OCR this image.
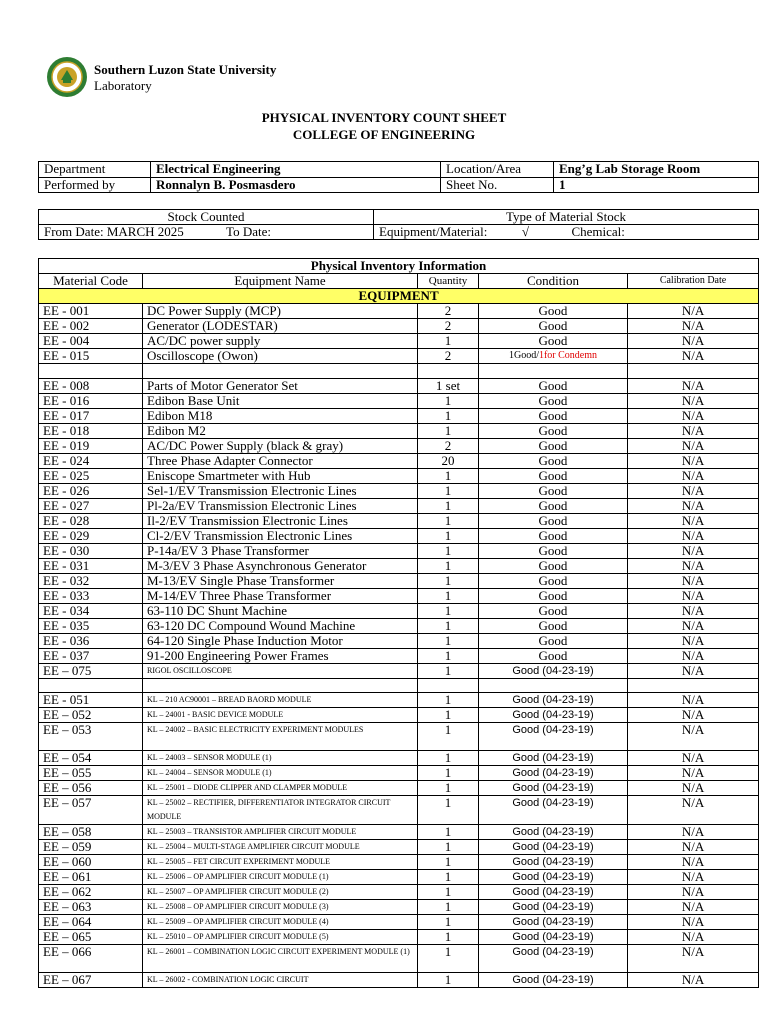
Southern Luzon State University
Laboratory
PHYSICAL INVENTORY COUNT SHEET
COLLEGE OF ENGINEERING
Department	Electrical Engineering	Location/Area	Eng’g Lab Storage Room
Performed by	Ronnalyn B. Posmasdero	Sheet No.	1
Stock Counted	Type of Material Stock
From Date: MARCH 2025 To Date:	Equipment/Material: √ Chemical:
Physical Inventory Information				
Material Code	Equipment Name	Quantity	Condition	Calibration Date
EQUIPMENT				
EE - 001	DC Power Supply (MCP)	2	Good	N/A
EE - 002	Generator (LODESTAR)	2	Good	N/A
EE - 004	AC/DC power supply	1	Good	N/A
EE - 015	Oscilloscope (Owon)	2	1Good/1for Condemn	N/A

EE - 008	Parts of Motor Generator Set	1 set	Good	N/A
EE - 016	Edibon Base Unit	1	Good	N/A
EE - 017	Edibon M18	1	Good	N/A
EE - 018	Edibon M2	1	Good	N/A
EE - 019	AC/DC Power Supply (black & gray)	2	Good	N/A
EE - 024	Three Phase Adapter Connector	20	Good	N/A
EE - 025	Eniscope Smartmeter with Hub	1	Good	N/A
EE - 026	Sel-1/EV Transmission Electronic Lines	1	Good	N/A
EE - 027	Pl-2a/EV Transmission Electronic Lines	1	Good	N/A
EE - 028	Il-2/EV Transmission Electronic Lines	1	Good	N/A
EE - 029	Cl-2/EV Transmission Electronic Lines	1	Good	N/A
EE - 030	P-14a/EV 3 Phase Transformer	1	Good	N/A
EE - 031	M-3/EV 3 Phase Asynchronous Generator	1	Good	N/A
EE - 032	M-13/EV Single Phase Transformer	1	Good	N/A
EE - 033	M-14/EV Three Phase Transformer	1	Good	N/A
EE - 034	63-110 DC Shunt Machine	1	Good	N/A
EE - 035	63-120 DC Compound Wound Machine	1	Good	N/A
EE - 036	64-120 Single Phase Induction Motor	1	Good	N/A
EE - 037	91-200 Engineering Power Frames	1	Good	N/A
EE – 075	RIGOL OSCILLOSCOPE	1	Good (04-23-19)	N/A

EE - 051	KL – 210 AC90001 – BREAD BAORD MODULE	1	Good (04-23-19)	N/A
EE – 052	KL – 24001 - BASIC DEVICE MODULE	1	Good (04-23-19)	N/A
EE – 053	KL – 24002 – BASIC ELECTRICITY EXPERIMENT MODULES	1	Good (04-23-19)	N/A
EE – 054	KL – 24003 – SENSOR MODULE (1)	1	Good (04-23-19)	N/A
EE – 055	KL – 24004 – SENSOR MODULE (1)	1	Good (04-23-19)	N/A
EE – 056	KL – 25001 – DIODE CLIPPER AND CLAMPER MODULE	1	Good (04-23-19)	N/A
EE – 057	KL – 25002 – RECTIFIER, DIFFERENTIATOR INTEGRATOR CIRCUIT MODULE	1	Good (04-23-19)	N/A
EE – 058	KL – 25003 – TRANSISTOR AMPLIFIER CIRCUIT MODULE	1	Good (04-23-19)	N/A
EE – 059	KL – 25004 – MULTI-STAGE AMPLIFIER CIRCUIT MODULE	1	Good (04-23-19)	N/A
EE – 060	KL – 25005 – FET CIRCUIT EXPERIMENT MODULE	1	Good (04-23-19)	N/A
EE – 061	KL – 25006 – OP AMPLIFIER CIRCUIT MODULE (1)	1	Good (04-23-19)	N/A
EE – 062	KL – 25007 – OP AMPLIFIER CIRCUIT MODULE (2)	1	Good (04-23-19)	N/A
EE – 063	KL – 25008 – OP AMPLIFIER CIRCUIT MODULE (3)	1	Good (04-23-19)	N/A
EE – 064	KL – 25009 – OP AMPLIFIER CIRCUIT MODULE (4)	1	Good (04-23-19)	N/A
EE – 065	KL – 25010 – OP AMPLIFIER CIRCUIT MODULE (5)	1	Good (04-23-19)	N/A
EE – 066	KL – 26001 – COMBINATION LOGIC CIRCUIT EXPERIMENT MODULE (1)	1	Good (04-23-19)	N/A
EE – 067	KL – 26002 - COMBINATION LOGIC CIRCUIT	1	Good (04-23-19)	N/A
